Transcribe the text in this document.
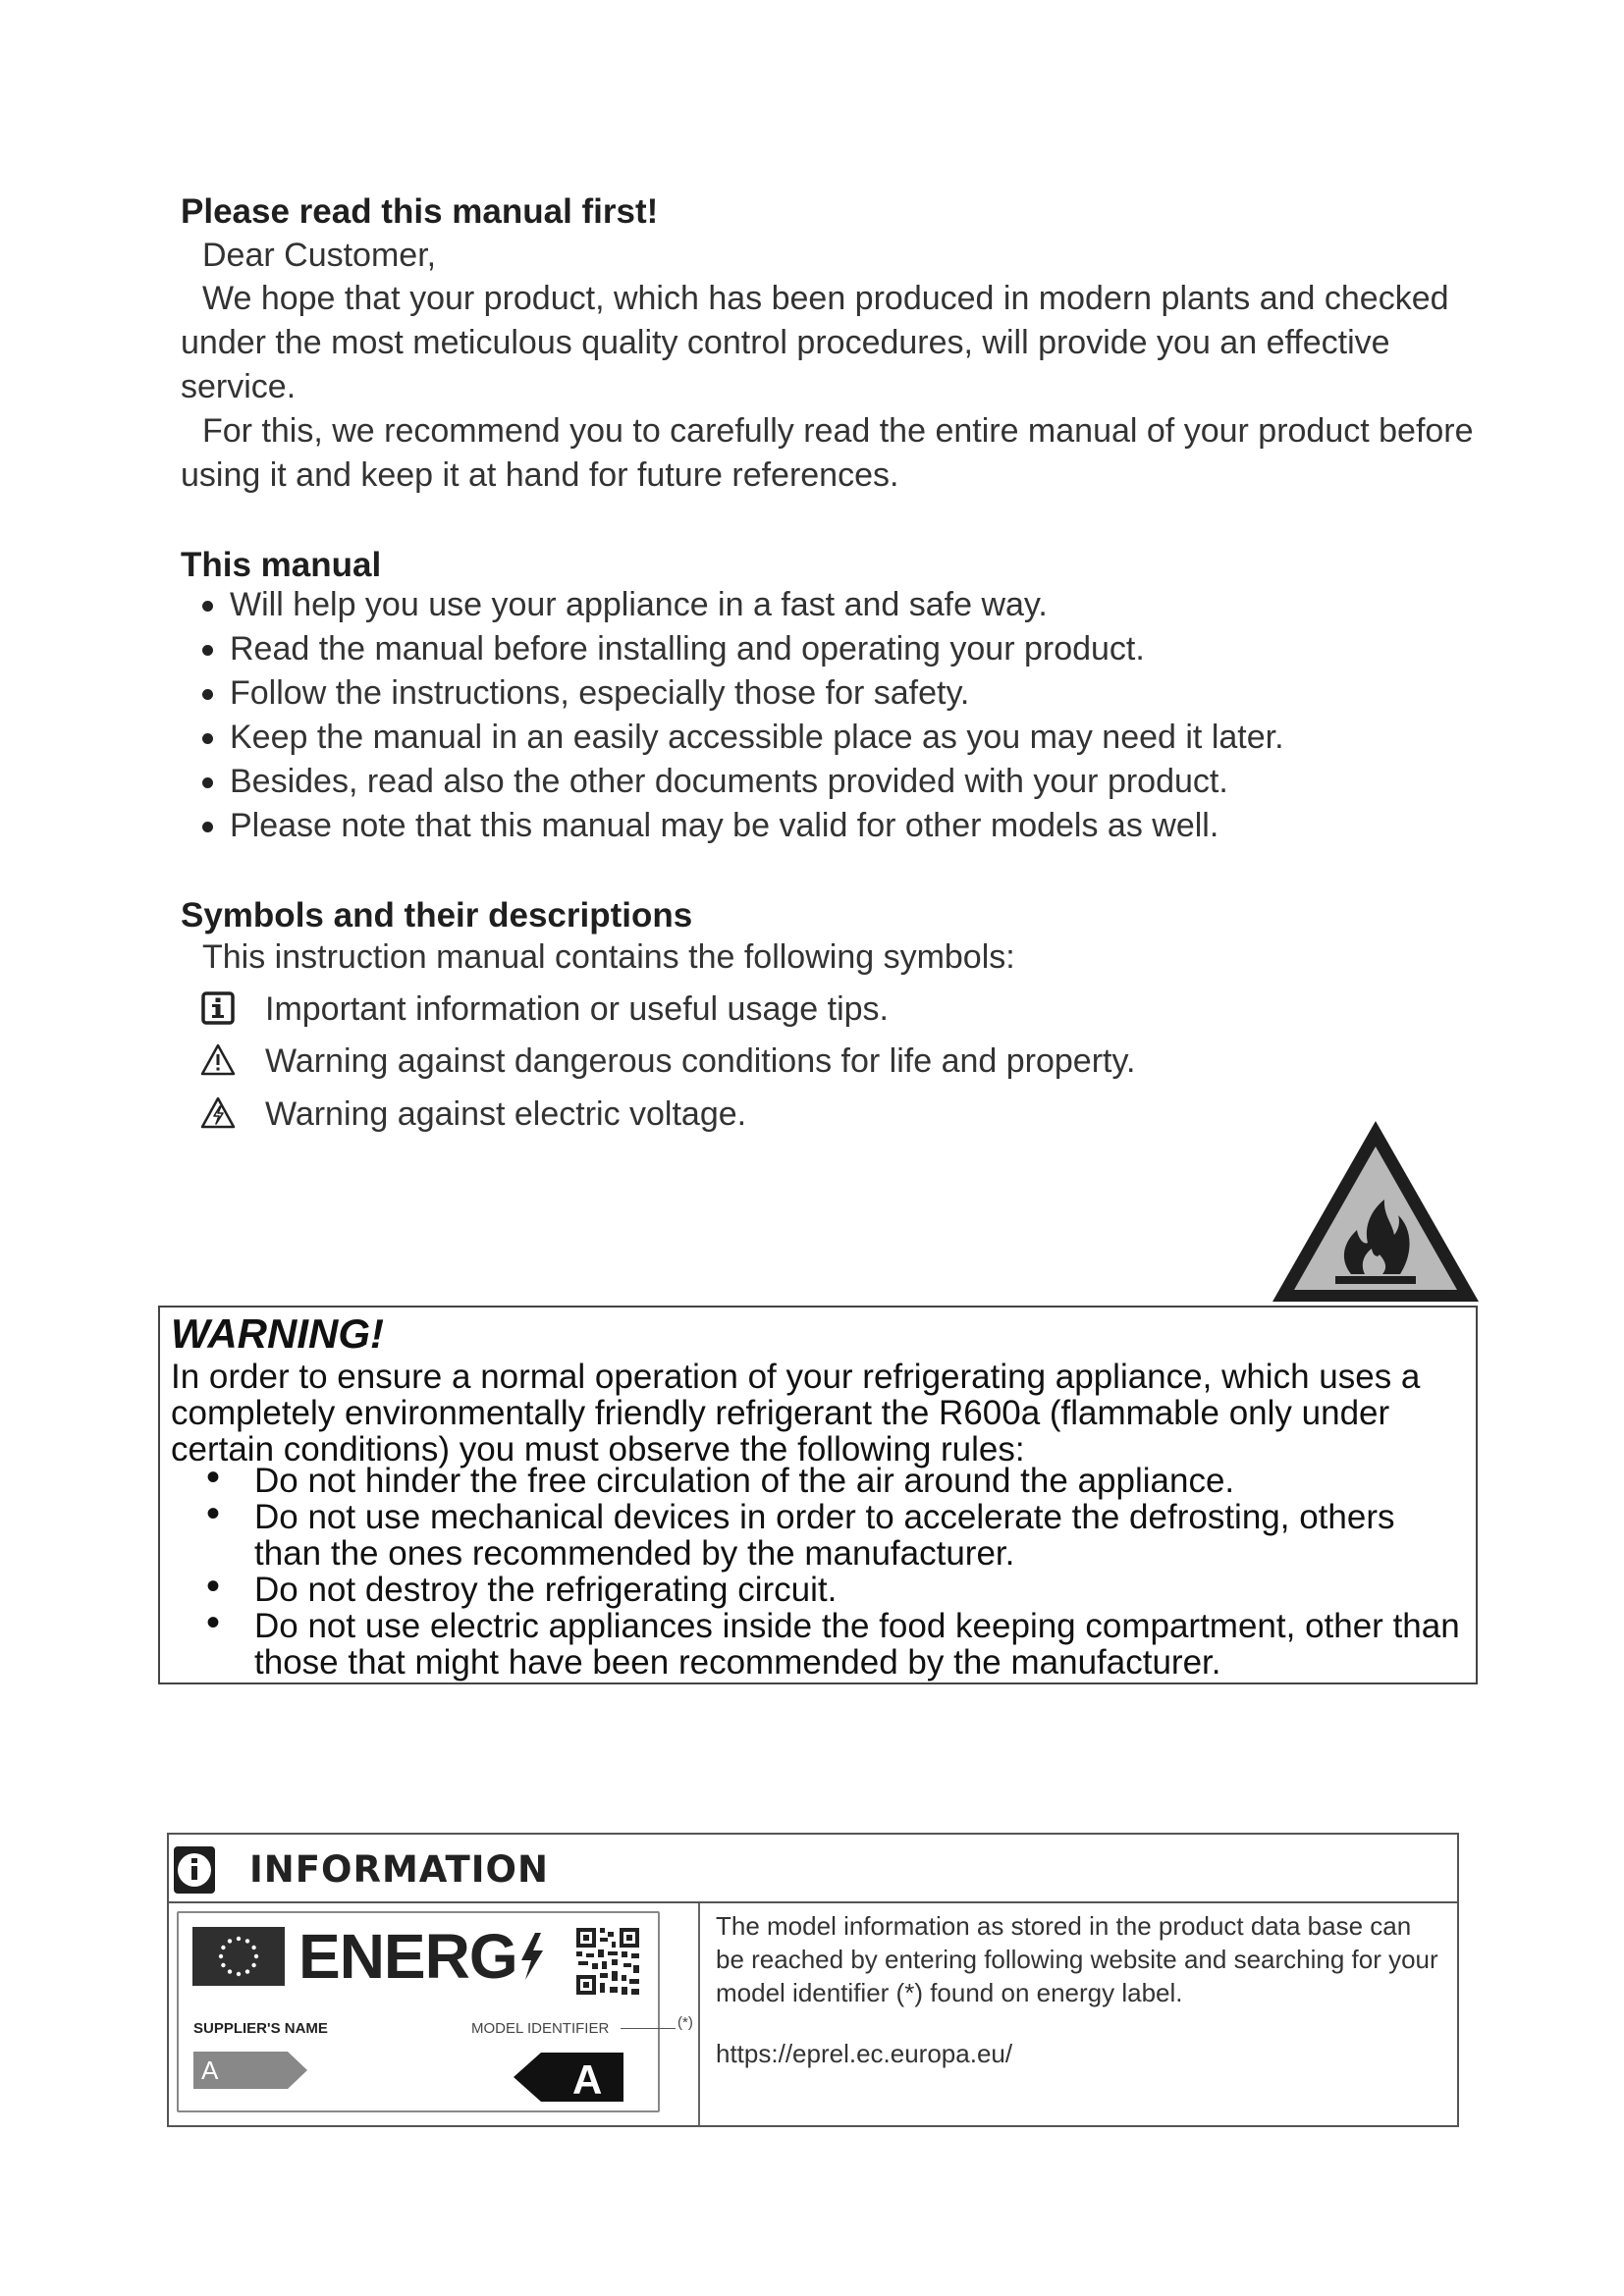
Please read this manual first!

Dear Customer,

We hope that your product, which has been produced in modern plants and checked under the most meticulous quality control procedures, will provide you an effective service.

For this, we recommend you to carefully read the entire manual of your product before using it and keep it at hand for future references.

This manual
Will help you use your appliance in a fast and safe way.
Read the manual before installing and operating your product.
Follow the instructions, especially those for safety.
Keep the manual in an easily accessible place as you may need it later.
Besides, read also the other documents provided with your product.
Please note that this manual may be valid for other models as well.
Symbols and their descriptions

This instruction manual contains the following symbols:

Important information or useful usage tips.
Warning against dangerous conditions for life and property.
Warning against electric voltage.

WARNING!

In order to ensure a normal operation of your refrigerating appliance, which uses a completely environmentally friendly refrigerant the R600a (flammable only under certain conditions) you must observe the following rules:

• Do not hinder the free circulation of the air around the appliance.
• Do not use mechanical devices in order to accelerate the defrosting, others than the ones recommended by the manufacturer.
• Do not destroy the refrigerating circuit.
• Do not use electric appliances inside the food keeping compartment, other than those that might have been recommended by the manufacturer.

INFORMATION

ENERG

SUPPLIER'S NAME	MODEL IDENTIFIER	(*)

A	A

The model information as stored in the product data base can be reached by entering following website and searching for your model identifier (*) found on energy label.

https://eprel.ec.europa.eu/
